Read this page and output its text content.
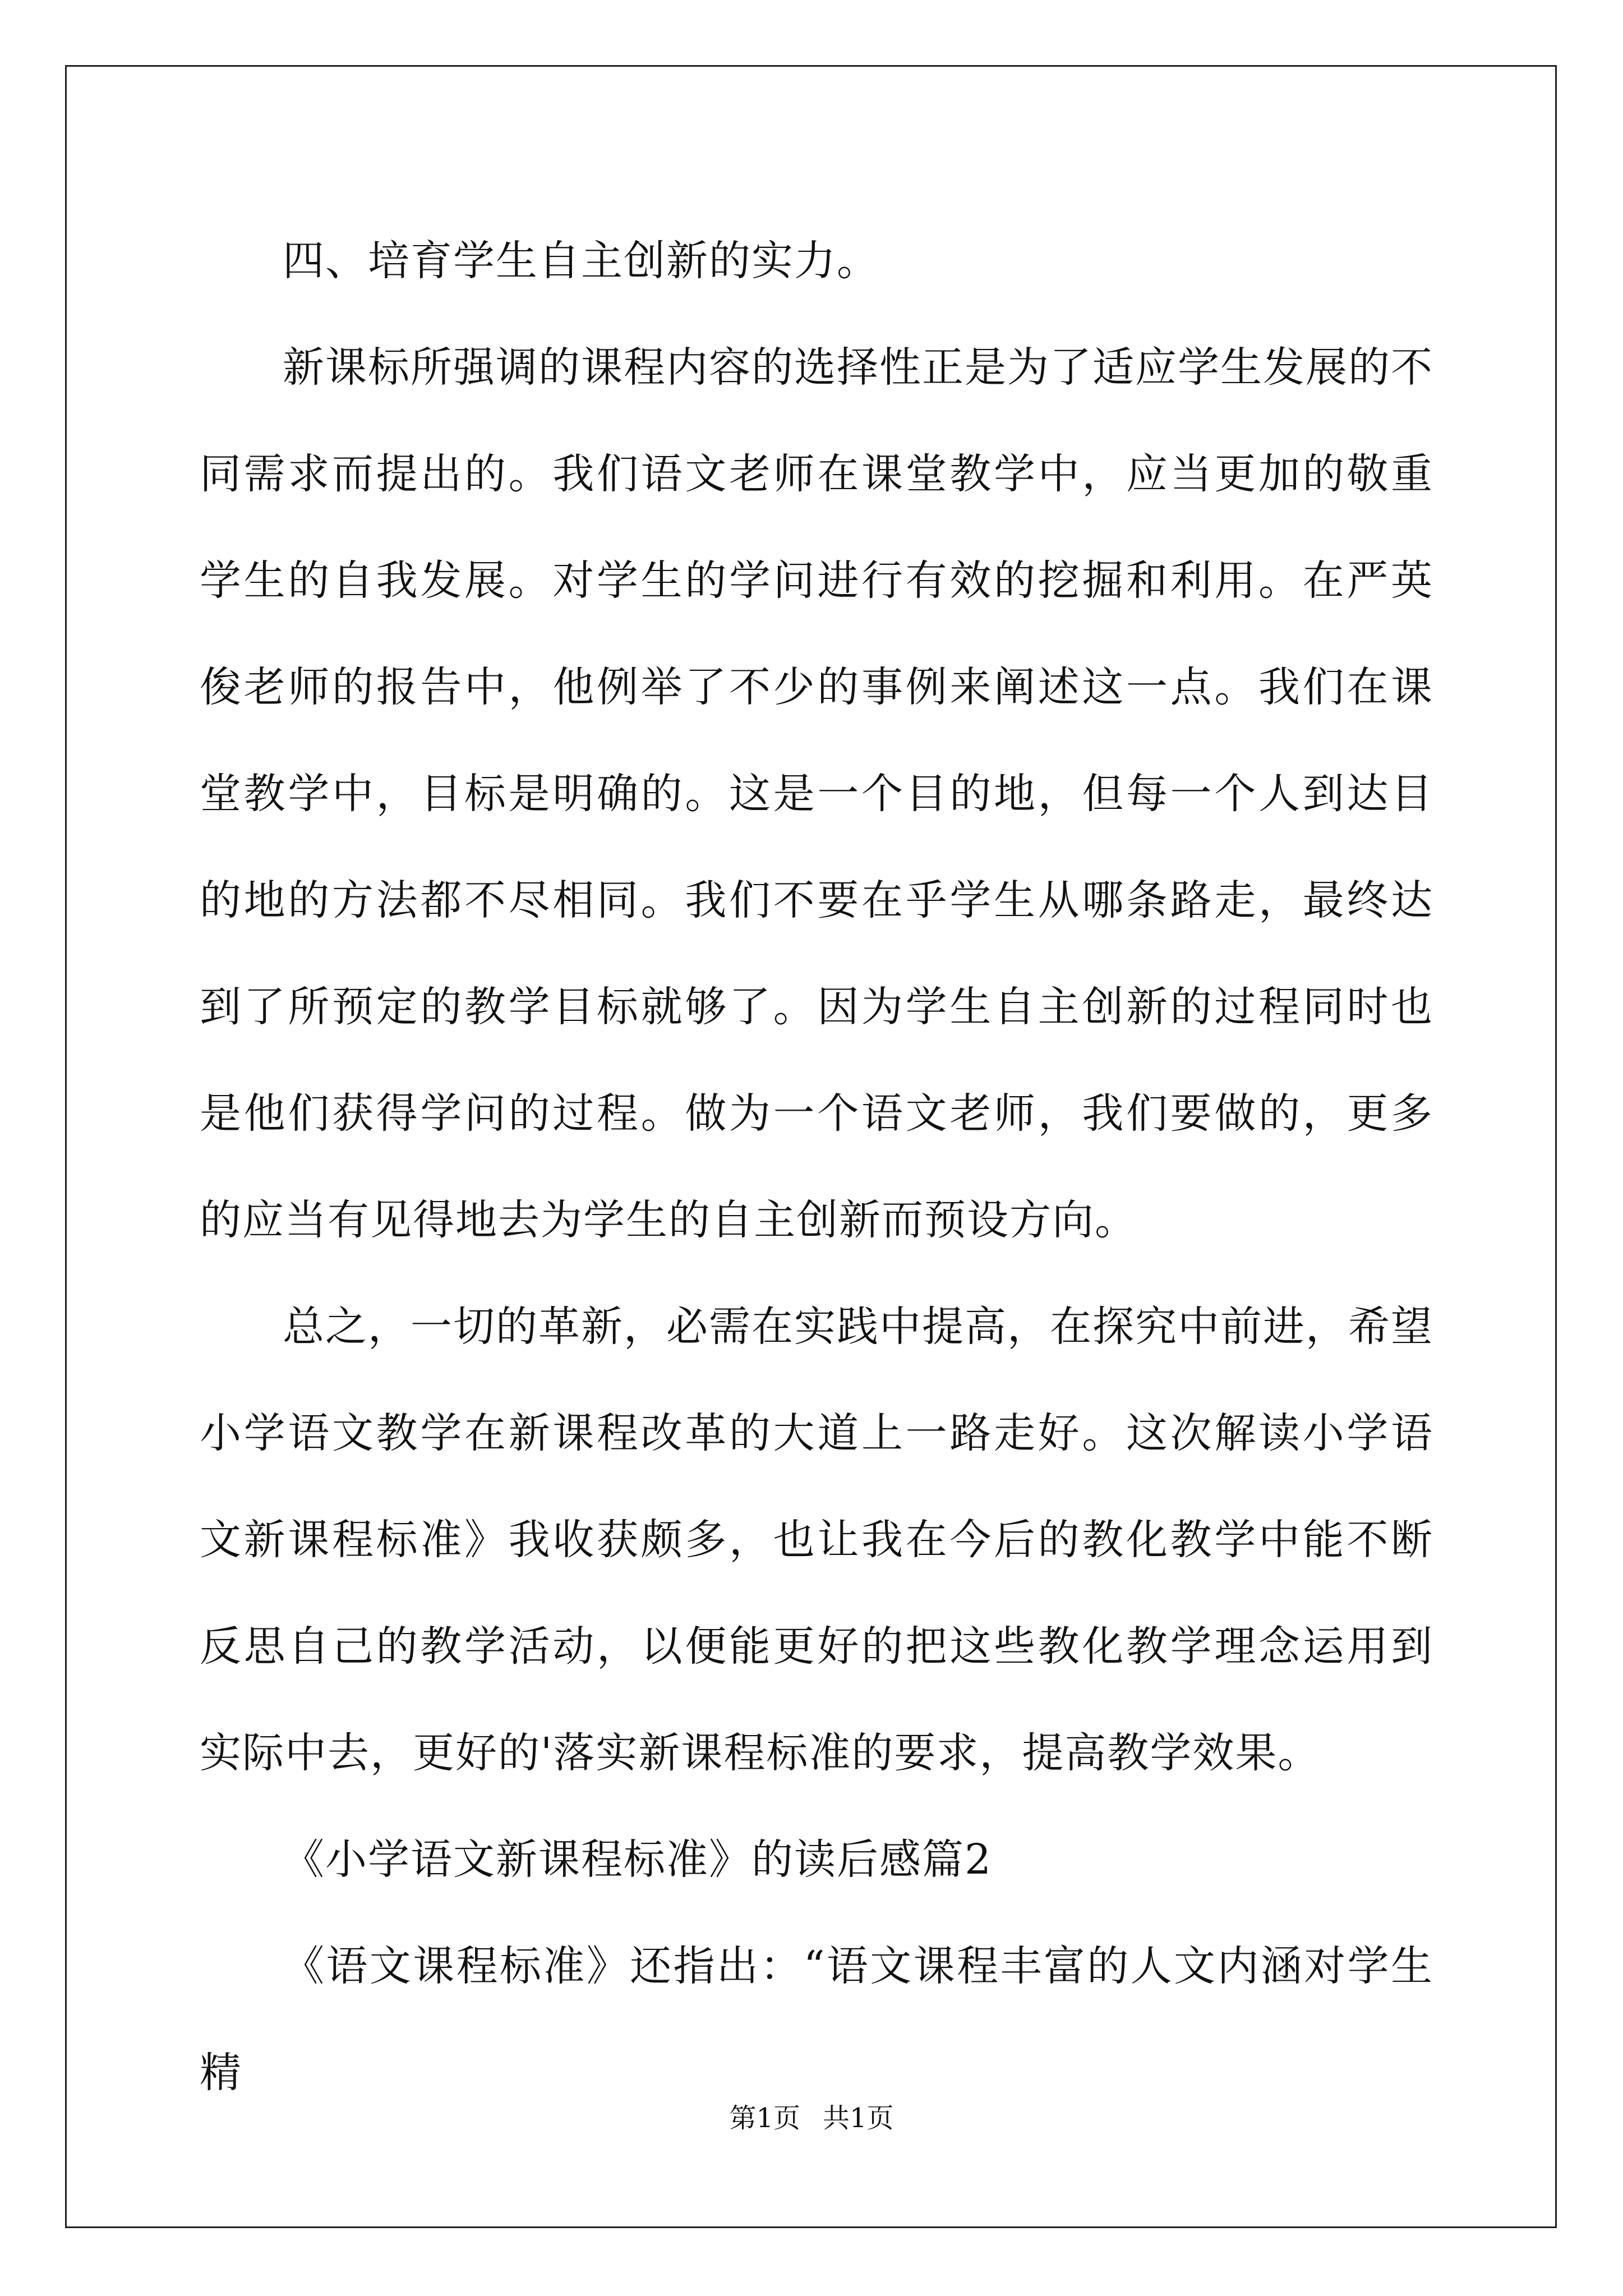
四、培育学生自主创新的实力。

新课标所强调的课程内容的选择性正是为了适应学生发展的不同需求而提出的。我们语文老师在课堂教学中，应当更加的敬重学生的自我发展。对学生的学问进行有效的挖掘和利用。在严英俊老师的报告中，他例举了不少的事例来阐述这一点。我们在课堂教学中，目标是明确的。这是一个目的地，但每一个人到达目的地的方法都不尽相同。我们不要在乎学生从哪条路走，最终达到了所预定的教学目标就够了。因为学生自主创新的过程同时也是他们获得学问的过程。做为一个语文老师，我们要做的，更多的应当有见得地去为学生的自主创新而预设方向。

总之，一切的革新，必需在实践中提高，在探究中前进，希望小学语文教学在新课程改革的大道上一路走好。这次解读小学语文新课程标准》我收获颇多，也让我在今后的教化教学中能不断反思自己的教学活动，以便能更好的把这些教化教学理念运用到实际中去，更好的'落实新课程标准的要求，提高教学效果。

《小学语文新课程标准》的读后感篇2

《语文课程标准》还指出：“语文课程丰富的人文内涵对学生精

第1页 共1页
